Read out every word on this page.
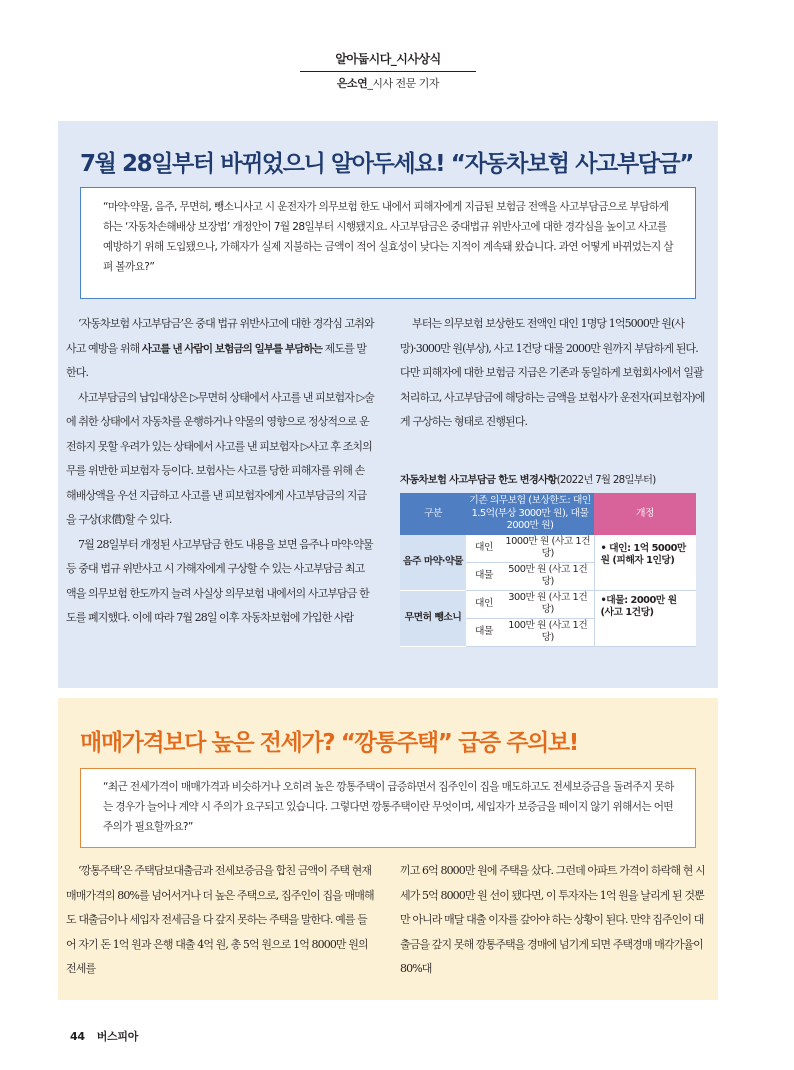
알아둡시다_시사상식
은소연_시사 전문 기자
7월 28일부터 바뀌었으니 알아두세요! “자동차보험 사고부담금”
“마약·약물, 음주, 무면허, 뺑소니사고 시 운전자가 의무보험 한도 내에서 피해자에게 지급된 보험금 전액을 사고부담금으로 부담하게 하는 ‘자동차손해배상 보장법’ 개정안이 7월 28일부터 시행됐지요. 사고부담금은 중대법규 위반사고에 대한 경각심을 높이고 사고를 예방하기 위해 도입됐으나, 가해자가 실제 지불하는 금액이 적어 실효성이 낮다는 지적이 계속돼 왔습니다. 과연 어떻게 바뀌었는지 살펴 볼까요?”

‘자동차보험 사고부담금’은 중대 법규 위반사고에 대한 경각심 고취와 사고 예방을 위해 사고를 낸 사람이 보험금의 일부를 부담하는 제도를 말한다.

사고부담금의 납입대상은 ▷무면허 상태에서 사고를 낸 피보험자 ▷술에 취한 상태에서 자동차를 운행하거나 약물의 영향으로 정상적으로 운전하지 못할 우려가 있는 상태에서 사고를 낸 피보험자 ▷사고 후 조치의무를 위반한 피보험자 등이다. 보험사는 사고를 당한 피해자를 위해 손해배상액을 우선 지급하고 사고를 낸 피보험자에게 사고부담금의 지급을 구상(求償)할 수 있다.

7월 28일부터 개정된 사고부담금 한도 내용을 보면 음주나 마약·약물 등 중대 법규 위반사고 시 가해자에게 구상할 수 있는 사고부담금 최고액을 의무보험 한도까지 늘려 사실상 의무보험 내에서의 사고부담금 한도를 폐지했다. 이에 따라 7월 28일 이후 자동차보험에 가입한 사람

부터는 의무보험 보상한도 전액인 대인 1명당 1억5000만 원(사망)·3000만 원(부상), 사고 1건당 대물 2000만 원까지 부담하게 된다. 다만 피해자에 대한 보험금 지급은 기존과 동일하게 보험회사에서 일괄 처리하고, 사고부담금에 해당하는 금액을 보험사가 운전자(피보험자)에게 구상하는 형태로 진행된다.

자동차보험 사고부담금 한도 변경사항(2022년 7월 28일부터)
구분	기존 의무보험 (보상한도: 대인 1.5억(부상 3000만 원), 대물 2000만 원)		개정
음주 마약·약물	대인	1000만 원 (사고 1건당)	• 대인: 1억 5000만 원 (피해자 1인당)
	대물	500만 원 (사고 1건당)	
무면허 뺑소니	대인	300만 원 (사고 1건당)	•대물: 2000만 원 (사고 1건당)
	대물	100만 원 (사고 1건당)	
매매가격보다 높은 전세가? “깡통주택” 급증 주의보!
“최근 전세가격이 매매가격과 비슷하거나 오히려 높은 깡통주택이 급증하면서 집주인이 집을 매도하고도 전세보증금을 돌려주지 못하는 경우가 늘어나 계약 시 주의가 요구되고 있습니다. 그렇다면 깡통주택이란 무엇이며, 세입자가 보증금을 떼이지 않기 위해서는 어떤 주의가 필요할까요?”

‘깡통주택’은 주택담보대출금과 전세보증금을 합친 금액이 주택 현재 매매가격의 80%를 넘어서거나 더 높은 주택으로, 집주인이 집을 매매해도 대출금이나 세입자 전세금을 다 갚지 못하는 주택을 말한다. 예를 들어 자기 돈 1억 원과 은행 대출 4억 원, 총 5억 원으로 1억 8000만 원의 전세를

끼고 6억 8000만 원에 주택을 샀다. 그런데 아파트 가격이 하락해 현 시세가 5억 8000만 원 선이 됐다면, 이 투자자는 1억 원을 날리게 된 것뿐만 아니라 매달 대출 이자를 갚아야 하는 상황이 된다. 만약 집주인이 대출금을 갚지 못해 깡통주택을 경매에 넘기게 되면 주택경매 매각가율이 80%대

44 버스피아
